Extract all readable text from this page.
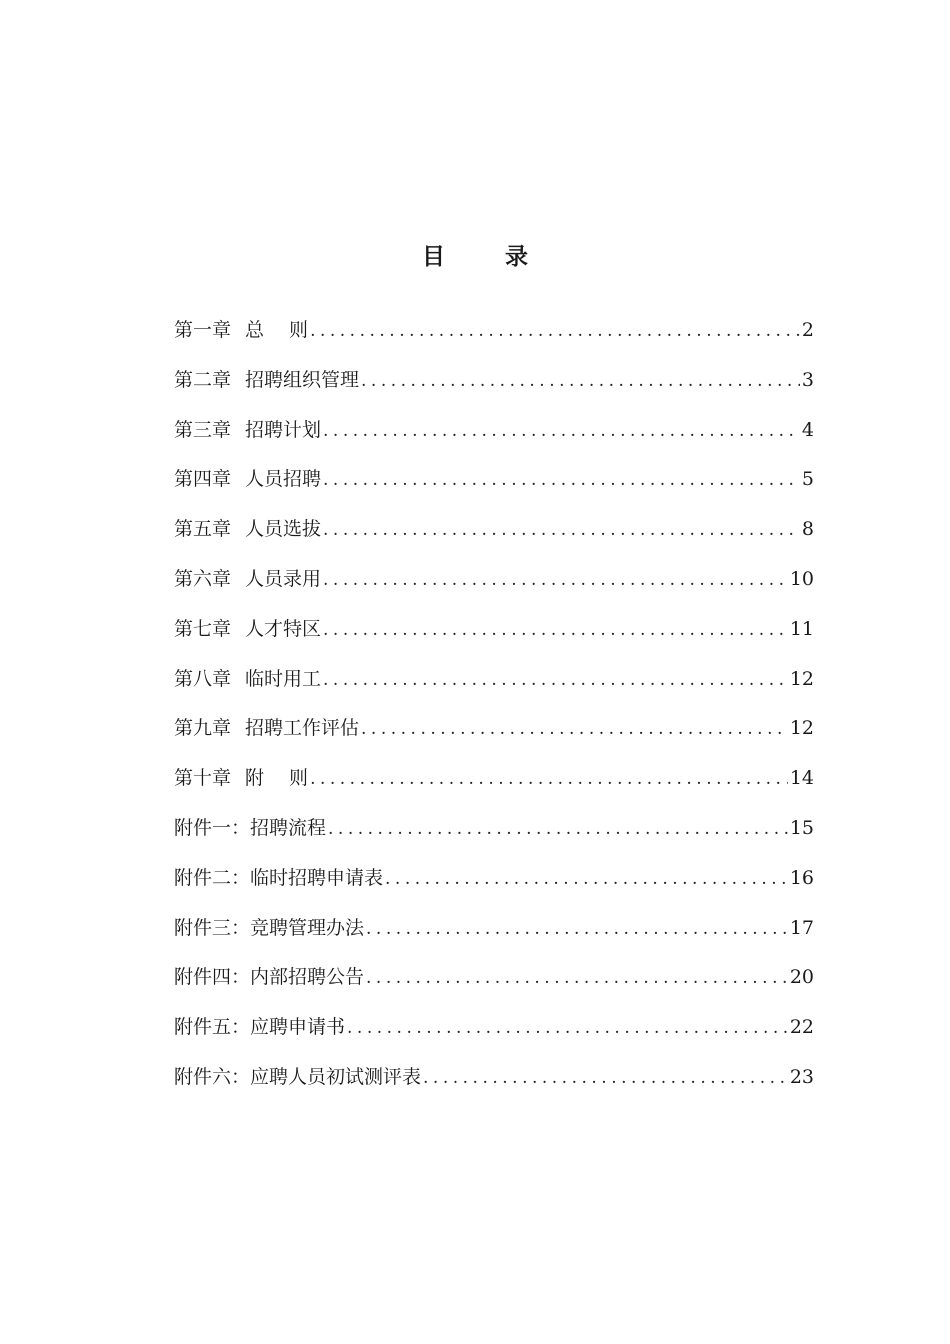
目 录
第一章 总　 则 .....	2
第二章 招聘组织管理 .....	3
第三章 招聘计划 .....	4
第四章 人员招聘 .....	5
第五章 人员选拔 .....	8
第六章 人员录用 .....	10
第七章 人才特区 .....	11
第八章 临时用工 .....	12
第九章 招聘工作评估 .....	12
第十章 附　 则 .....	14
附件一： 招聘流程 .....	15
附件二： 临时招聘申请表 .....	16
附件三： 竞聘管理办法 .....	17
附件四： 内部招聘公告 .....	20
附件五： 应聘申请书 .....	22
附件六： 应聘人员初试测评表 .....	23
